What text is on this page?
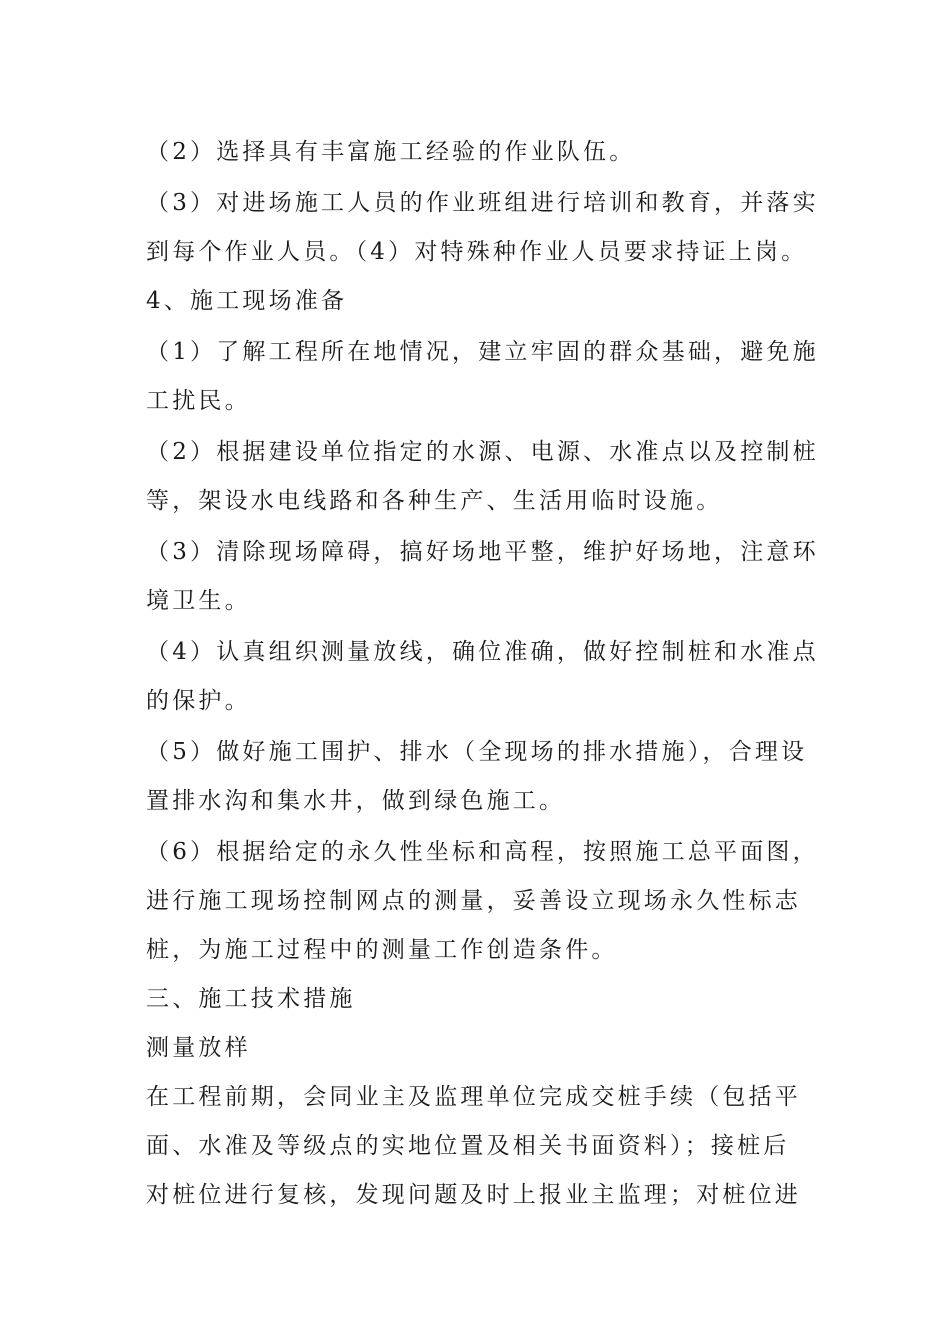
（2）选择具有丰富施工经验的作业队伍。

（3）对进场施工人员的作业班组进行培训和教育，并落实

到每个作业人员。（4）对特殊种作业人员要求持证上岗。

4、施工现场准备

（1）了解工程所在地情况，建立牢固的群众基础，避免施

工扰民。

（2）根据建设单位指定的水源、电源、水准点以及控制桩

等，架设水电线路和各种生产、生活用临时设施。

（3）清除现场障碍，搞好场地平整，维护好场地，注意环

境卫生。

（4）认真组织测量放线，确位准确，做好控制桩和水准点

的保护。

（5）做好施工围护、排水（全现场的排水措施），合理设

置排水沟和集水井，做到绿色施工。

（6）根据给定的永久性坐标和高程，按照施工总平面图，

进行施工现场控制网点的测量，妥善设立现场永久性标志

桩，为施工过程中的测量工作创造条件。

三、施工技术措施

测量放样

在工程前期，会同业主及监理单位完成交桩手续（包括平

面、水准及等级点的实地位置及相关书面资料）；接桩后

对桩位进行复核，发现问题及时上报业主监理；对桩位进
